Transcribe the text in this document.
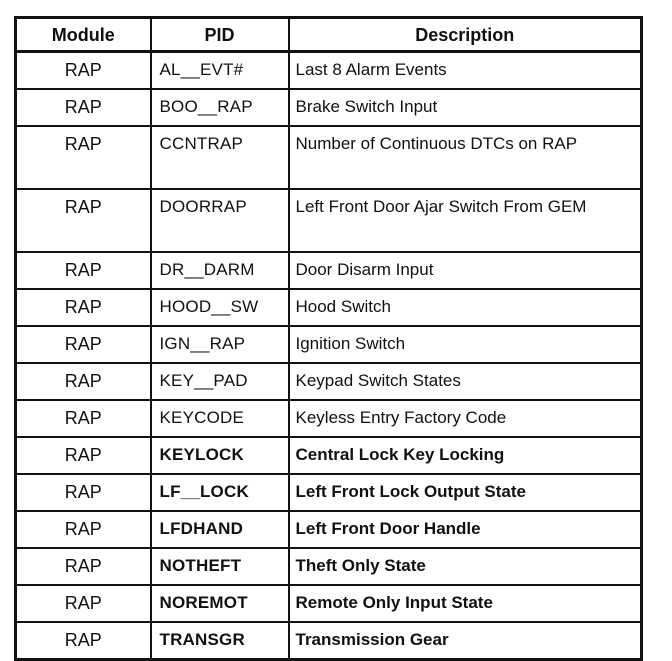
Module	PID	Description
RAP	AL__EVT#	Last 8 Alarm Events
RAP	BOO__RAP	Brake Switch Input
RAP	CCNTRAP	Number of Continuous DTCs on RAP
RAP	DOORRAP	Left Front Door Ajar Switch From GEM
RAP	DR__DARM	Door Disarm Input
RAP	HOOD__SW	Hood Switch
RAP	IGN__RAP	Ignition Switch
RAP	KEY__PAD	Keypad Switch States
RAP	KEYCODE	Keyless Entry Factory Code
RAP	KEYLOCK	Central Lock Key Locking
RAP	LF__LOCK	Left Front Lock Output State
RAP	LFDHAND	Left Front Door Handle
RAP	NOTHEFT	Theft Only State
RAP	NOREMOT	Remote Only Input State
RAP	TRANSGR	Transmission Gear
